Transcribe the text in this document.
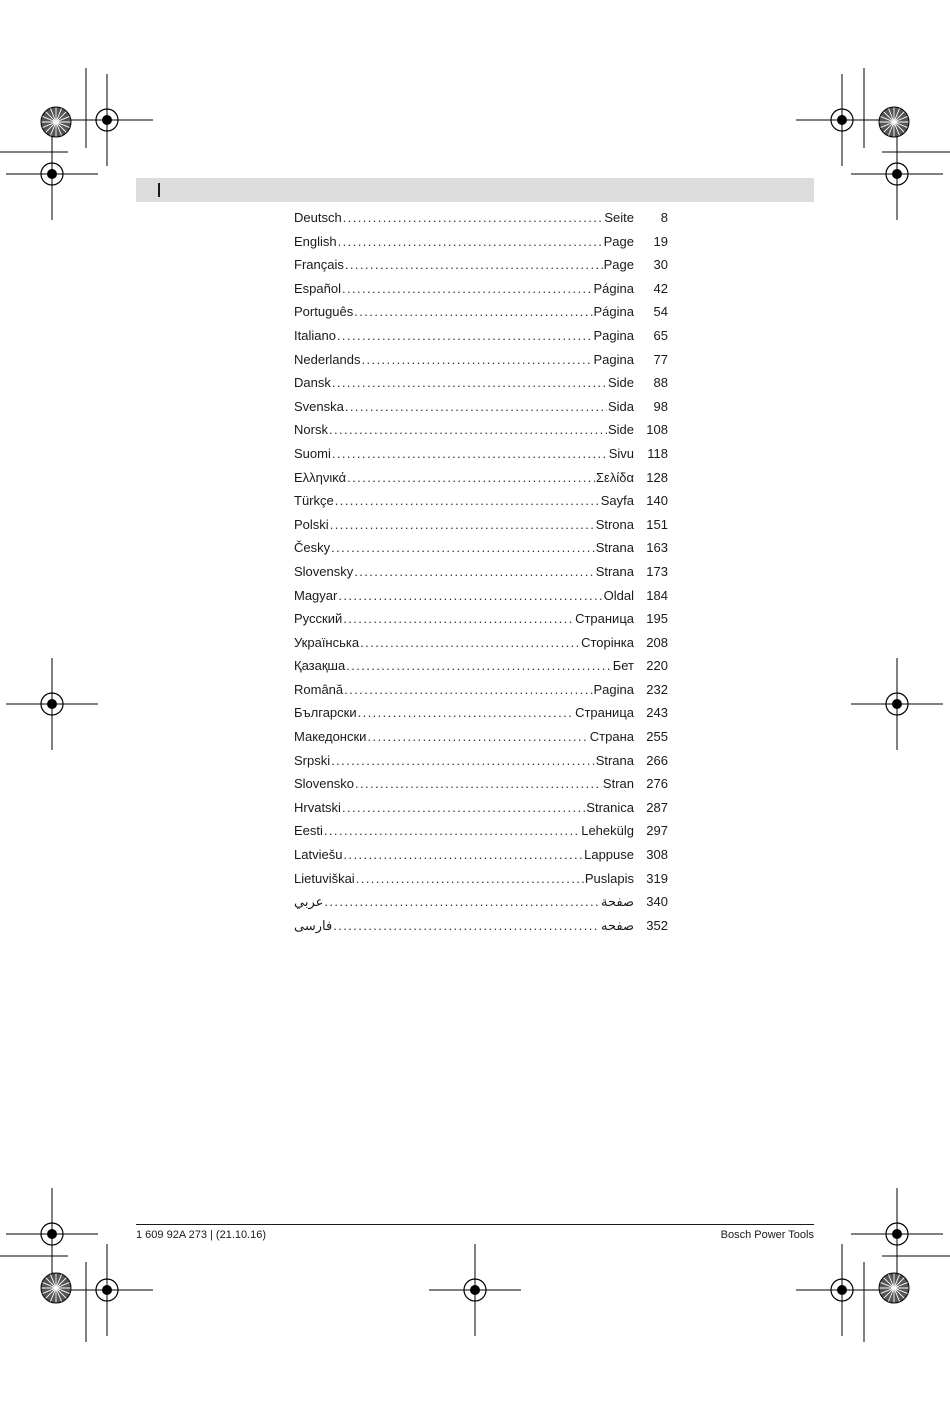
Deutsch .....	Seite	8
English .....	Page	19
Français .....	Page	30
Español .....	Página	42
Português .....	Página	54
Italiano .....	Pagina	65
Nederlands .....	Pagina	77
Dansk .....	Side	88
Svenska .....	Sida	98
Norsk .....	Side 108
Suomi .....	Sivu	118
Ελληνικά .....	Σελίδα 128
Türkçe .....	Sayfa 140
Polski .....	Strona 151
Česky .....	Strana 163
Slovensky .....	Strana 173
Magyar .....	Oldal 184
Русский .....	Страница 195
Українська .....	Сторінка 208
Қазақша .....	Бет 220
Română .....	Pagina 232
Български .....	Страница 243
Македонски .....	Страна 255
Srpski .....	Strana 266
Slovensko .....	Stran 276
Hrvatski .....	Stranica 287
Eesti .....	Lehekülg 297
Latviešu .....	Lappuse 308
Lietuviškai .....	Puslapis 319
عربي .....	صفحة 340
فارسی .....	صفحه 352
1 609 92A 273 | (21.10.16)	Bosch Power Tools
